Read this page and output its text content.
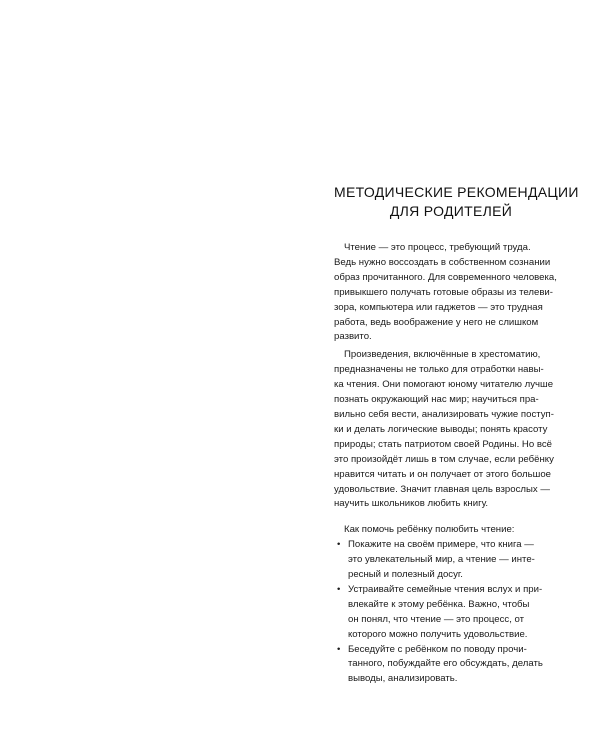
МЕТОДИЧЕСКИЕ РЕКОМЕНДАЦИИ
ДЛЯ РОДИТЕЛЕЙ

Чтение — это процесс, требующий труда.
Ведь нужно воссоздать в собственном сознании
образ прочитанного. Для современного человека,
привыкшего получать готовые образы из телеви-
зора, компьютера или гаджетов — это трудная
работа, ведь воображение у него не слишком
развито.

Произведения, включённые в хрестоматию,
предназначены не только для отработки навы-
ка чтения. Они помогают юному читателю лучше
познать окружающий нас мир; научиться пра-
вильно себя вести, анализировать чужие поступ-
ки и делать логические выводы; понять красоту
природы; стать патриотом своей Родины. Но всё
это произойдёт лишь в том случае, если ребёнку
нравится читать и он получает от этого большое
удовольствие. Значит главная цель взрослых —
научить школьников любить книгу.

Как помочь ребёнку полюбить чтение:

• Покажите на своём примере, что книга —
это увлекательный мир, а чтение — инте-
ресный и полезный досуг.
• Устраивайте семейные чтения вслух и при-
влекайте к этому ребёнка. Важно, чтобы
он понял, что чтение — это процесс, от
которого можно получить удовольствие.
• Беседуйте с ребёнком по поводу прочи-
танного, побуждайте его обсуждать, делать
выводы, анализировать.
